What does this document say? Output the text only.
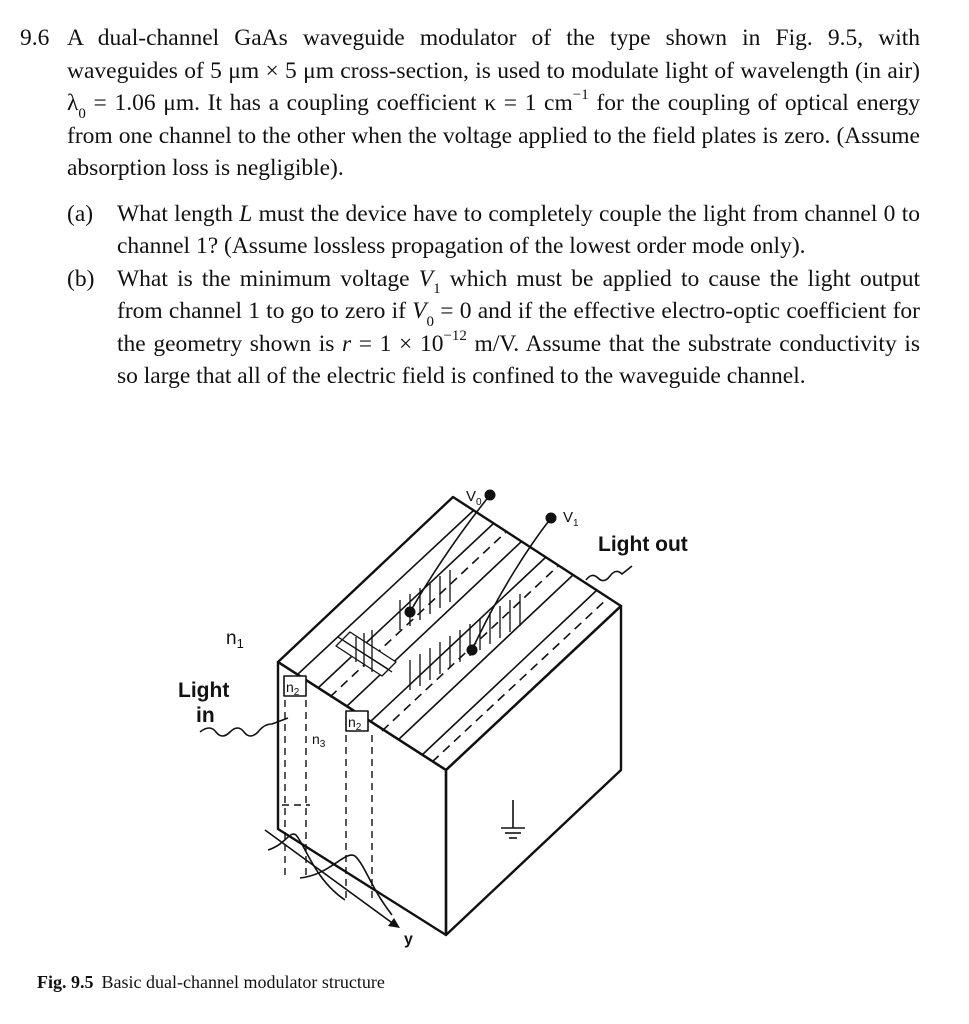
9.6 A dual-channel GaAs waveguide modulator of the type shown in Fig. 9.5, with waveguides of 5 μm × 5 μm cross-section, is used to modulate light of wavelength (in air) $\lambda_0 = 1.06$ μm. It has a coupling coefficient κ = 1 $cm^{-1}$ for the coupling of optical energy from one channel to the other when the voltage applied to the field plates is zero. (Assume absorption loss is negligible).
(a)	What length L must the device have to completely couple the light from channel 0 to channel 1? (Assume lossless propagation of the lowest order mode only).
(b) What is the minimum voltage $V_1$ which must be applied to cause the light output from channel 1 to go to zero if $V_0 = 0$ and if the effective electro-optic coefficient for the geometry shown is $r = 1 \times 10^{-12}$ m/V. Assume that the substrate conductivity is so large that all of the electric field is confined to the waveguide channel.
$V_0$
$V_1$
Light out
$n_1$
Light
in
$n_2$
$n_2$
$n_3$
y
Fig. 9.5 Basic dual-channel modulator structure
